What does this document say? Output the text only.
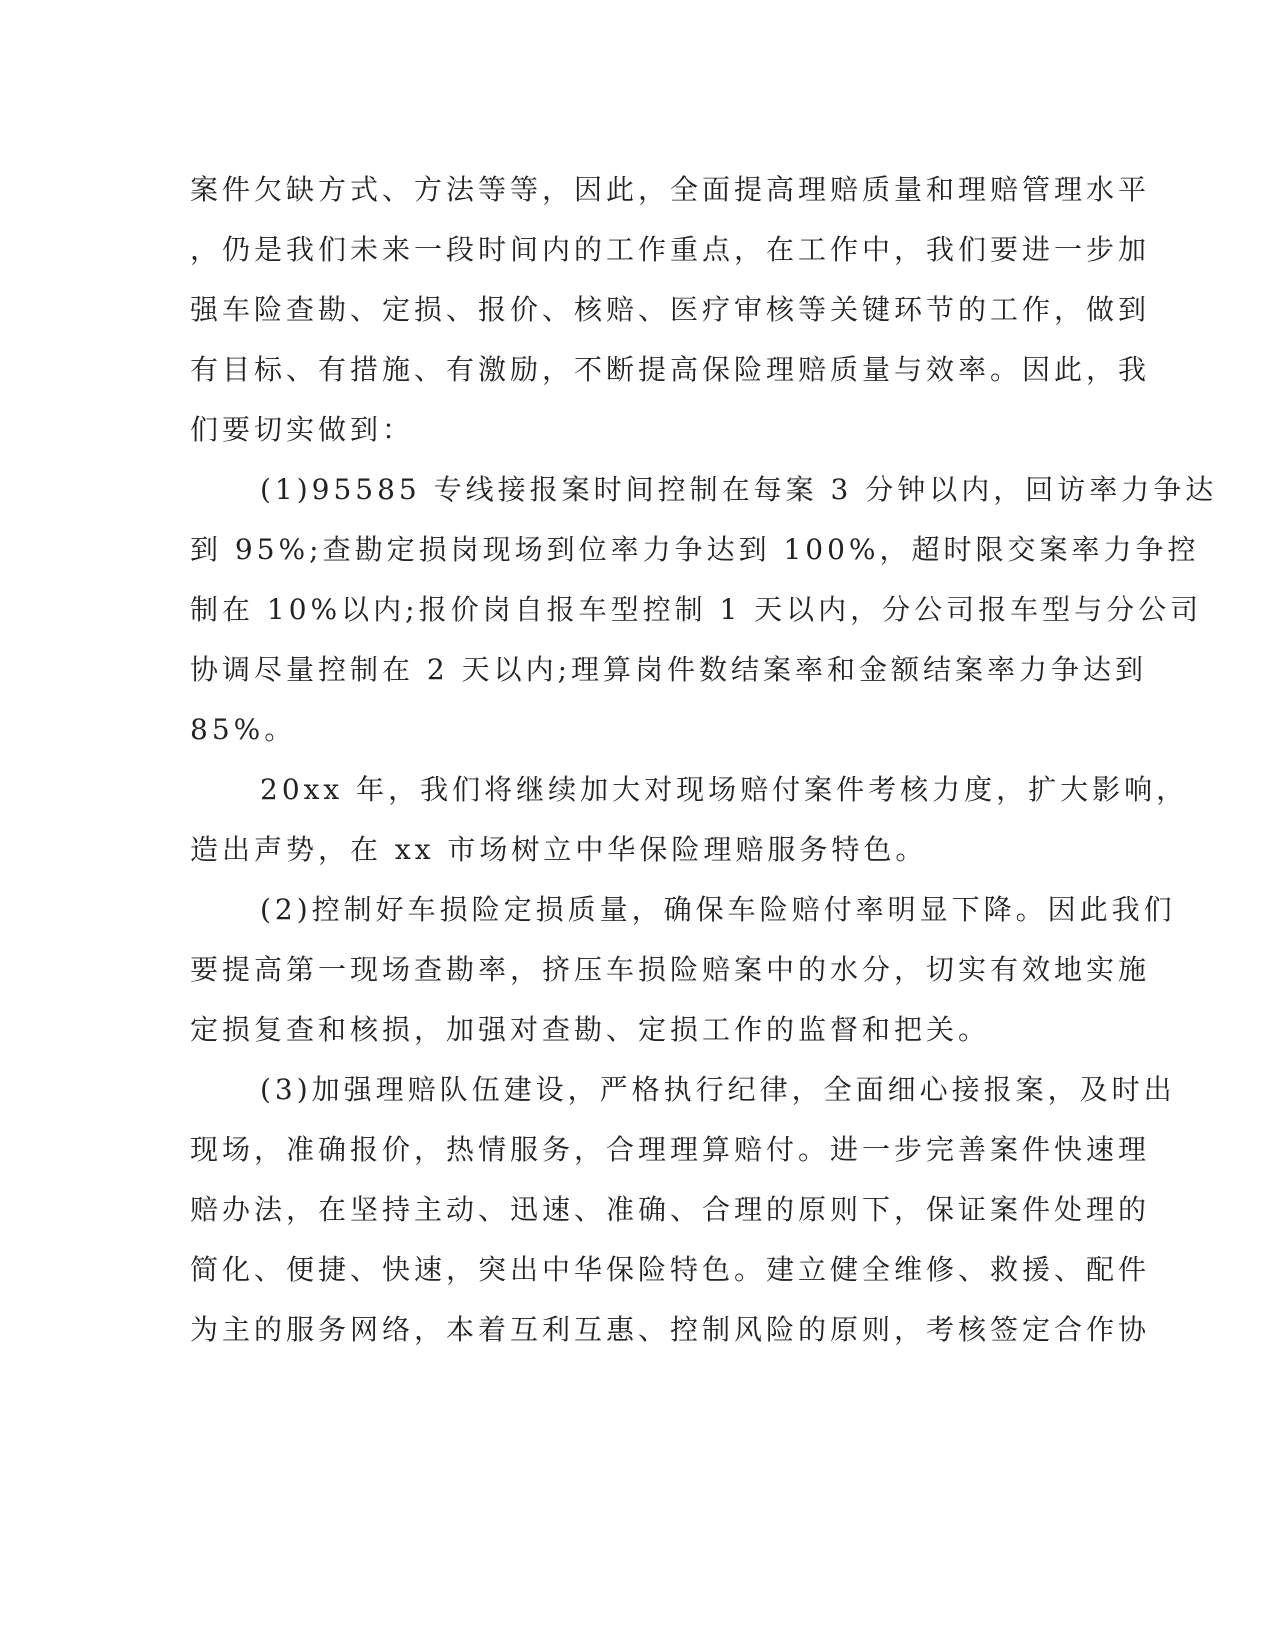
案件欠缺方式、方法等等，因此，全面提高理赔质量和理赔管理水平
，仍是我们未来一段时间内的工作重点，在工作中，我们要进一步加
强车险查勘、定损、报价、核赔、医疗审核等关键环节的工作，做到
有目标、有措施、有激励，不断提高保险理赔质量与效率。因此，我
们要切实做到：
(1)95585 专线接报案时间控制在每案 3 分钟以内，回访率力争达
到 95%;查勘定损岗现场到位率力争达到 100%，超时限交案率力争控
制在 10%以内;报价岗自报车型控制 1 天以内，分公司报车型与分公司
协调尽量控制在 2 天以内;理算岗件数结案率和金额结案率力争达到
85%。
20xx 年，我们将继续加大对现场赔付案件考核力度，扩大影响，
造出声势，在 xx 市场树立中华保险理赔服务特色。
(2)控制好车损险定损质量，确保车险赔付率明显下降。因此我们
要提高第一现场查勘率，挤压车损险赔案中的水分，切实有效地实施
定损复查和核损，加强对查勘、定损工作的监督和把关。
(3)加强理赔队伍建设，严格执行纪律，全面细心接报案，及时出
现场，准确报价，热情服务，合理理算赔付。进一步完善案件快速理
赔办法，在坚持主动、迅速、准确、合理的原则下，保证案件处理的
简化、便捷、快速，突出中华保险特色。建立健全维修、救援、配件
为主的服务网络，本着互利互惠、控制风险的原则，考核签定合作协
